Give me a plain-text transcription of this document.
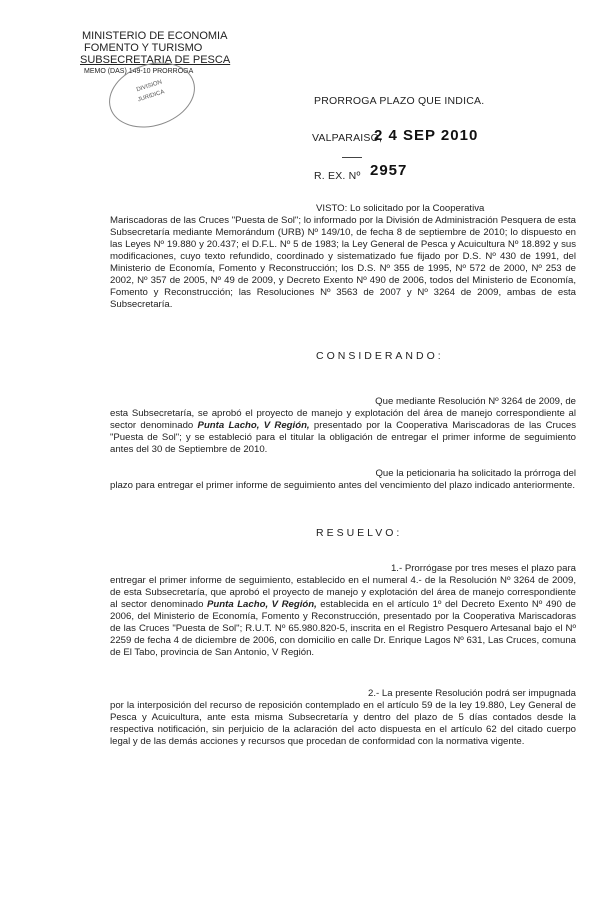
MINISTERIO DE ECONOMIA
FOMENTO Y TURISMO
SUBSECRETARIA DE PESCA
MEMO (DAS) 149-10 PRORROGA
DIVISION
JURIDICA	PRORROGA PLAZO QUE INDICA.
VALPARAISO,
2 4 SEP 2010
R. EX. Nº 2957
VISTO: Lo solicitado por la Cooperativa
Mariscadoras de las Cruces "Puesta de Sol"; lo informado por la División de Administración Pesquera de esta Subsecretaría mediante Memorándum (URB) Nº 149/10, de fecha 8 de septiembre de 2010; lo dispuesto en las Leyes Nº 19.880 y 20.437; el D.F.L. Nº 5 de 1983; la Ley General de Pesca y Acuicultura Nº 18.892 y sus modificaciones, cuyo texto refundido, coordinado y sistematizado fue fijado por D.S. Nº 430 de 1991, del Ministerio de Economía, Fomento y Reconstrucción; los D.S. Nº 355 de 1995, Nº 572 de 2000, Nº 253 de 2002, Nº 357 de 2005, Nº 49 de 2009, y Decreto Exento Nº 490 de 2006, todos del Ministerio de Economía, Fomento y Reconstrucción; las Resoluciones Nº 3563 de 2007 y Nº 3264 de 2009, ambas de esta Subsecretaría.
CONSIDERANDO:
Que mediante Resolución Nº 3264 de 2009, de
esta Subsecretaría, se aprobó el proyecto de manejo y explotación del área de manejo correspondiente al sector denominado Punta Lacho, V Región, presentado por la Cooperativa Mariscadoras de las Cruces "Puesta de Sol"; y se estableció para el titular la obligación de entregar el primer informe de seguimiento antes del 30 de Septiembre de 2010.
Que la peticionaria ha solicitado la prórroga del
plazo para entregar el primer informe de seguimiento antes del vencimiento del plazo indicado anteriormente.
RESUELVO:
1.- Prorrógase por tres meses el plazo para
entregar el primer informe de seguimiento, establecido en el numeral 4.- de la Resolución Nº 3264 de 2009, de esta Subsecretaría, que aprobó el proyecto de manejo y explotación del área de manejo correspondiente al sector denominado Punta Lacho, V Región, establecida en el artículo 1º del Decreto Exento Nº 490 de 2006, del Ministerio de Economía, Fomento y Reconstrucción, presentado por la Cooperativa Mariscadoras de las Cruces "Puesta de Sol"; R.U.T. Nº 65.980.820-5, inscrita en el Registro Pesquero Artesanal bajo el Nº 2259 de fecha 4 de diciembre de 2006, con domicilio en calle Dr. Enrique Lagos Nº 631, Las Cruces, comuna de El Tabo, provincia de San Antonio, V Región.
2.- La presente Resolución podrá ser impugnada
por la interposición del recurso de reposición contemplado en el artículo 59 de la ley 19.880, Ley General de Pesca y Acuicultura, ante esta misma Subsecretaría y dentro del plazo de 5 días contados desde la respectiva notificación, sin perjuicio de la aclaración del acto dispuesta en el artículo 62 del citado cuerpo legal y de las demás acciones y recursos que procedan de conformidad con la normativa vigente.
